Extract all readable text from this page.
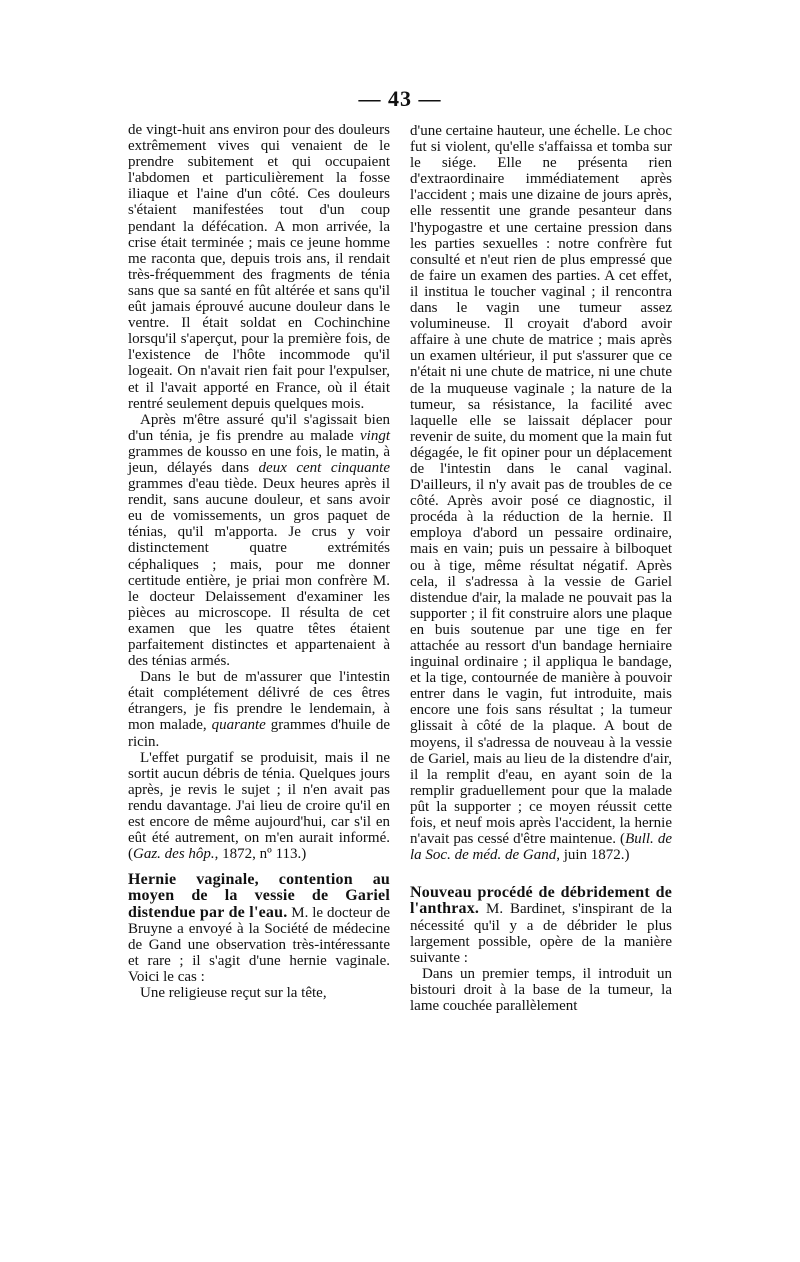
— 43 —

de vingt-huit ans environ pour des douleurs extrêmement vives qui venaient de le prendre subitement et qui occupaient l'abdomen et particulièrement la fosse iliaque et l'aine d'un côté. Ces douleurs s'étaient manifestées tout d'un coup pendant la défécation. A mon arrivée, la crise était terminée ; mais ce jeune homme me raconta que, depuis trois ans, il rendait très-fréquemment des fragments de ténia sans que sa santé en fût altérée et sans qu'il eût jamais éprouvé aucune douleur dans le ventre. Il était soldat en Cochinchine lorsqu'il s'aperçut, pour la première fois, de l'existence de l'hôte incommode qu'il logeait. On n'avait rien fait pour l'expulser, et il l'avait apporté en France, où il était rentré seulement depuis quelques mois.

Après m'être assuré qu'il s'agissait bien d'un ténia, je fis prendre au malade vingt grammes de kousso en une fois, le matin, à jeun, délayés dans deux cent cinquante grammes d'eau tiède. Deux heures après il rendit, sans aucune douleur, et sans avoir eu de vomissements, un gros paquet de ténias, qu'il m'apporta. Je crus y voir distinctement quatre extrémités céphaliques ; mais, pour me donner certitude entière, je priai mon confrère M. le docteur Delaissement d'examiner les pièces au microscope. Il résulta de cet examen que les quatre têtes étaient parfaitement distinctes et appartenaient à des ténias armés.

Dans le but de m'assurer que l'intestin était complétement délivré de ces êtres étrangers, je fis prendre le lendemain, à mon malade, quarante grammes d'huile de ricin.

L'effet purgatif se produisit, mais il ne sortit aucun débris de ténia. Quelques jours après, je revis le sujet ; il n'en avait pas rendu davantage. J'ai lieu de croire qu'il en est encore de même aujourd'hui, car s'il en eût été autrement, on m'en aurait informé. (Gaz. des hôp., 1872, nº 113.)

Hernie vaginale, contention au moyen de la vessie de Gariel distendue par de l'eau. M. le docteur de Bruyne a envoyé à la Société de médecine de Gand une observation très-intéressante et rare ; il s'agit d'une hernie vaginale. Voici le cas :

Une religieuse reçut sur la tête,

d'une certaine hauteur, une échelle. Le choc fut si violent, qu'elle s'affaissa et tomba sur le siége. Elle ne présenta rien d'extraordinaire immédiatement après l'accident ; mais une dizaine de jours après, elle ressentit une grande pesanteur dans l'hypogastre et une certaine pression dans les parties sexuelles : notre confrère fut consulté et n'eut rien de plus empressé que de faire un examen des parties. A cet effet, il institua le toucher vaginal ; il rencontra dans le vagin une tumeur assez volumineuse. Il croyait d'abord avoir affaire à une chute de matrice ; mais après un examen ultérieur, il put s'assurer que ce n'était ni une chute de matrice, ni une chute de la muqueuse vaginale ; la nature de la tumeur, sa résistance, la facilité avec laquelle elle se laissait déplacer pour revenir de suite, du moment que la main fut dégagée, le fit opiner pour un déplacement de l'intestin dans le canal vaginal. D'ailleurs, il n'y avait pas de troubles de ce côté. Après avoir posé ce diagnostic, il procéda à la réduction de la hernie. Il employa d'abord un pessaire ordinaire, mais en vain; puis un pessaire à bilboquet ou à tige, même résultat négatif. Après cela, il s'adressa à la vessie de Gariel distendue d'air, la malade ne pouvait pas la supporter ; il fit construire alors une plaque en buis soutenue par une tige en fer attachée au ressort d'un bandage herniaire inguinal ordinaire ; il appliqua le bandage, et la tige, contournée de manière à pouvoir entrer dans le vagin, fut introduite, mais encore une fois sans résultat ; la tumeur glissait à côté de la plaque. A bout de moyens, il s'adressa de nouveau à la vessie de Gariel, mais au lieu de la distendre d'air, il la remplit d'eau, en ayant soin de la remplir graduellement pour que la malade pût la supporter ; ce moyen réussit cette fois, et neuf mois après l'accident, la hernie n'avait pas cessé d'être maintenue. (Bull. de la Soc. de méd. de Gand, juin 1872.)

Nouveau procédé de débridement de l'anthrax. M. Bardinet, s'inspirant de la nécessité qu'il y a de débrider le plus largement possible, opère de la manière suivante :

Dans un premier temps, il introduit un bistouri droit à la base de la tumeur, la lame couchée parallèlement
